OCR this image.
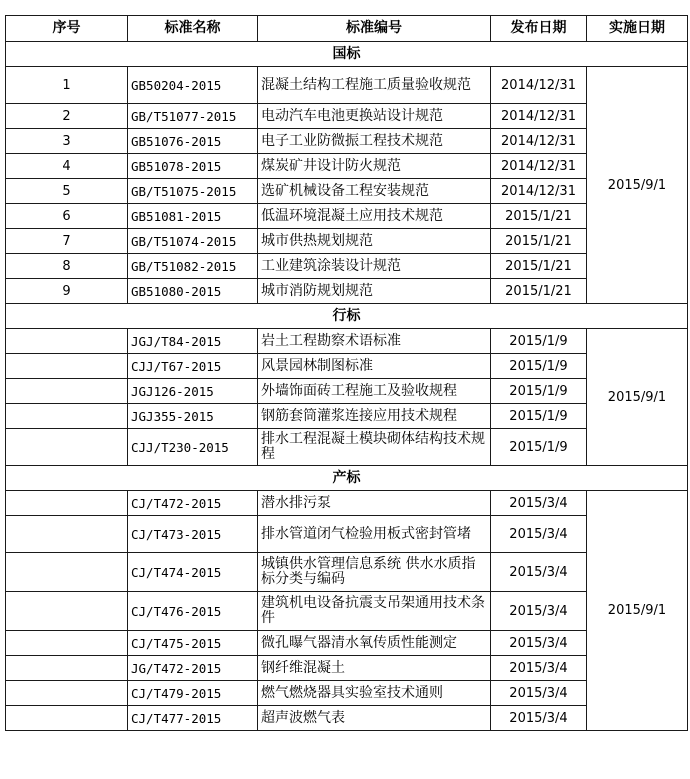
序号	标准名称	标准编号	发布日期	实施日期
国标				
1	GB50204-2015	混凝土结构工程施工质量验收规范	2014/12/31	2015/9/1
2	GB/T51077-2015	电动汽车电池更换站设计规范	2014/12/31	
3	GB51076-2015	电子工业防微振工程技术规范	2014/12/31	
4	GB51078-2015	煤炭矿井设计防火规范	2014/12/31	
5	GB/T51075-2015	选矿机械设备工程安装规范	2014/12/31	
6	GB51081-2015	低温环境混凝土应用技术规范	2015/1/21	
7	GB/T51074-2015	城市供热规划规范	2015/1/21	
8	GB/T51082-2015	工业建筑涂装设计规范	2015/1/21	
9	GB51080-2015	城市消防规划规范	2015/1/21	
行标				
	JGJ/T84-2015	岩土工程勘察术语标准	2015/1/9	2015/9/1
	CJJ/T67-2015	风景园林制图标准	2015/1/9	
	JGJ126-2015	外墙饰面砖工程施工及验收规程	2015/1/9	
	JGJ355-2015	钢筋套筒灌浆连接应用技术规程	2015/1/9	
	CJJ/T230-2015	排水工程混凝土模块砌体结构技术规程	2015/1/9	
产标				
	CJ/T472-2015	潜水排污泵	2015/3/4	2015/9/1
	CJ/T473-2015	排水管道闭气检验用板式密封管堵	2015/3/4	
	CJ/T474-2015	城镇供水管理信息系统 供水水质指标分类与编码	2015/3/4	
	CJ/T476-2015	建筑机电设备抗震支吊架通用技术条件	2015/3/4	
	CJ/T475-2015	微孔曝气器清水氧传质性能测定	2015/3/4	
	JG/T472-2015	钢纤维混凝土	2015/3/4	
	CJ/T479-2015	燃气燃烧器具实验室技术通则	2015/3/4	
	CJ/T477-2015	超声波燃气表	2015/3/4	
